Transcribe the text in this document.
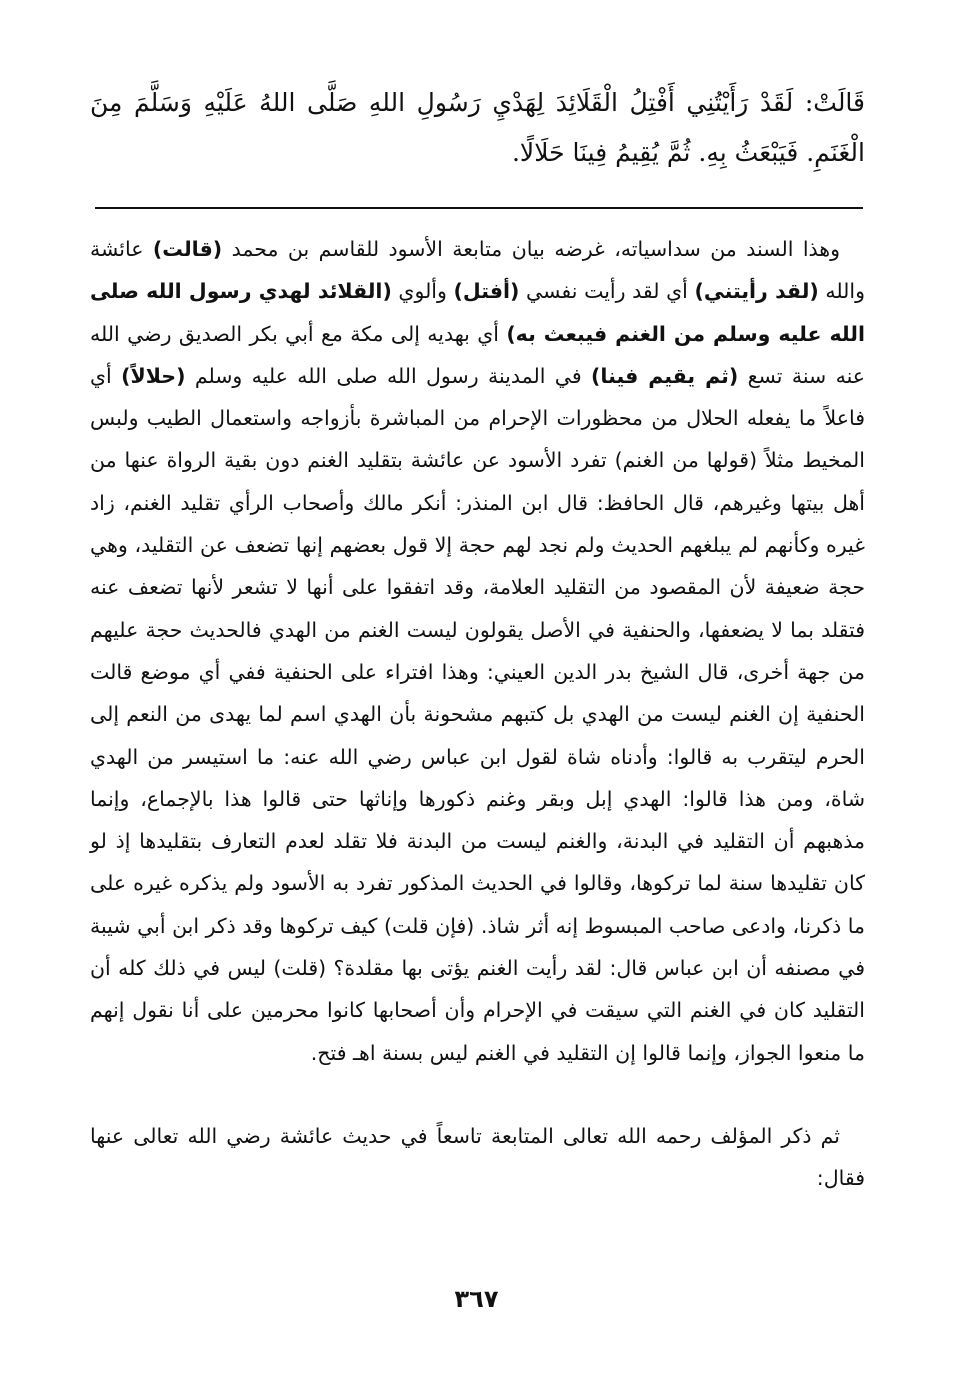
قَالَتْ: لَقَدْ رَأَيْتُنِي أَفْتِلُ الْقَلَائِدَ لِهَدْيِ رَسُولِ اللهِ صَلَّى اللهُ عَلَيْهِ وَسَلَّمَ مِنَ الْغَنَمِ. فَيَبْعَثُ بِهِ. ثُمَّ يُقِيمُ فِينَا حَلَالًا.

وهذا السند من سداسياته، غرضه بيان متابعة الأسود للقاسم بن محمد (قالت) عائشة والله (لقد رأيتني) أي لقد رأيت نفسي (أفتل) وألوي (القلائد لهدي رسول الله صلى الله عليه وسلم من الغنم فيبعث به) أي بهديه إلى مكة مع أبي بكر الصديق رضي الله عنه سنة تسع (ثم يقيم فينا) في المدينة رسول الله صلى الله عليه وسلم (حلالاً) أي فاعلاً ما يفعله الحلال من محظورات الإحرام من المباشرة بأزواجه واستعمال الطيب ولبس المخيط مثلاً (قولها من الغنم) تفرد الأسود عن عائشة بتقليد الغنم دون بقية الرواة عنها من أهل بيتها وغيرهم، قال الحافظ: قال ابن المنذر: أنكر مالك وأصحاب الرأي تقليد الغنم، زاد غيره وكأنهم لم يبلغهم الحديث ولم نجد لهم حجة إلا قول بعضهم إنها تضعف عن التقليد، وهي حجة ضعيفة لأن المقصود من التقليد العلامة، وقد اتفقوا على أنها لا تشعر لأنها تضعف عنه فتقلد بما لا يضعفها، والحنفية في الأصل يقولون ليست الغنم من الهدي فالحديث حجة عليهم من جهة أخرى، قال الشيخ بدر الدين العيني: وهذا افتراء على الحنفية ففي أي موضع قالت الحنفية إن الغنم ليست من الهدي بل كتبهم مشحونة بأن الهدي اسم لما يهدى من النعم إلى الحرم ليتقرب به قالوا: وأدناه شاة لقول ابن عباس رضي الله عنه: ما استيسر من الهدي شاة، ومن هذا قالوا: الهدي إبل وبقر وغنم ذكورها وإناثها حتى قالوا هذا بالإجماع، وإنما مذهبهم أن التقليد في البدنة، والغنم ليست من البدنة فلا تقلد لعدم التعارف بتقليدها إذ لو كان تقليدها سنة لما تركوها، وقالوا في الحديث المذكور تفرد به الأسود ولم يذكره غيره على ما ذكرنا، وادعى صاحب المبسوط إنه أثر شاذ. (فإن قلت) كيف تركوها وقد ذكر ابن أبي شيبة في مصنفه أن ابن عباس قال: لقد رأيت الغنم يؤتى بها مقلدة؟ (قلت) ليس في ذلك كله أن التقليد كان في الغنم التي سيقت في الإحرام وأن أصحابها كانوا محرمين على أنا نقول إنهم ما منعوا الجواز، وإنما قالوا إن التقليد في الغنم ليس بسنة اهـ فتح.

ثم ذكر المؤلف رحمه الله تعالى المتابعة تاسعاً في حديث عائشة رضي الله تعالى عنها فقال:
٣٦٧
